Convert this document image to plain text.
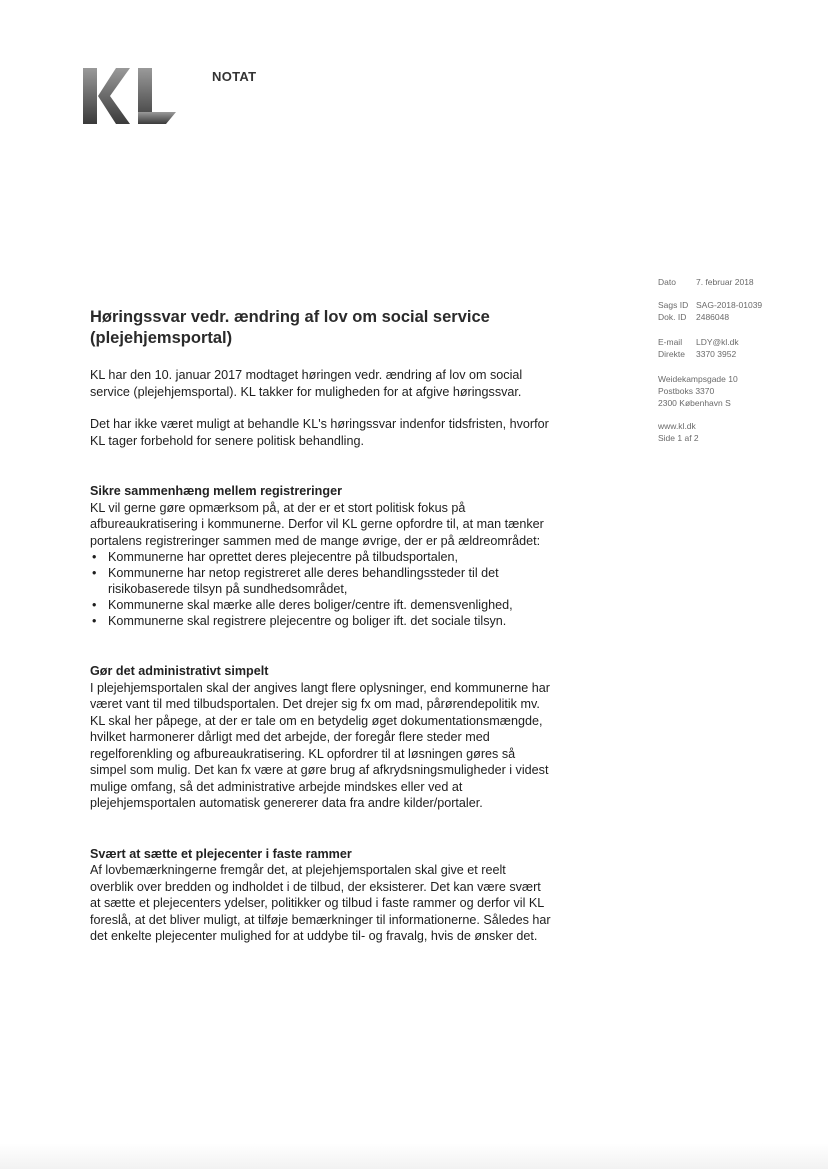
NOTAT
Dato 7. februar 2018
Sags ID SAG-2018-01039
Dok. ID 2486048
E-mail LDY@kl.dk
Direkte 3370 3952
Weidekampsgade 10
Postboks 3370
2300 København S
www.kl.dk
Side 1 af 2
Høringssvar vedr. ændring af lov om social service
(plejehjemsportal)

KL har den 10. januar 2017 modtaget høringen vedr. ændring af lov om social service (plejehjemsportal). KL takker for muligheden for at afgive høringssvar.

Det har ikke været muligt at behandle KL's høringssvar indenfor tidsfristen, hvorfor KL tager forbehold for senere politisk behandling.

Sikre sammenhæng mellem registreringer

KL vil gerne gøre opmærksom på, at der er et stort politisk fokus på afbureaukratisering i kommunerne. Derfor vil KL gerne opfordre til, at man tænker portalens registreringer sammen med de mange øvrige, der er på ældreområdet:

• Kommunerne har oprettet deres plejecentre på tilbudsportalen,
• Kommunerne har netop registreret alle deres behandlingssteder til det risikobaserede tilsyn på sundhedsområdet,
• Kommunerne skal mærke alle deres boliger/centre ift. demensvenlighed,
• Kommunerne skal registrere plejecentre og boliger ift. det sociale tilsyn.
Gør det administrativt simpelt

I plejehjemsportalen skal der angives langt flere oplysninger, end kommunerne har været vant til med tilbudsportalen. Det drejer sig fx om mad, pårørendepolitik mv. KL skal her påpege, at der er tale om en betydelig øget dokumentationsmængde, hvilket harmonerer dårligt med det arbejde, der foregår flere steder med regelforenkling og afbureaukratisering. KL opfordrer til at løsningen gøres så simpel som mulig. Det kan fx være at gøre brug af afkrydsningsmuligheder i videst mulige omfang, så det administrative arbejde mindskes eller ved at plejehjemsportalen automatisk genererer data fra andre kilder/portaler.

Svært at sætte et plejecenter i faste rammer

Af lovbemærkningerne fremgår det, at plejehjemsportalen skal give et reelt overblik over bredden og indholdet i de tilbud, der eksisterer. Det kan være svært at sætte et plejecenters ydelser, politikker og tilbud i faste rammer og derfor vil KL foreslå, at det bliver muligt, at tilføje bemærkninger til informationerne. Således har det enkelte plejecenter mulighed for at uddybe til- og fravalg, hvis de ønsker det.
